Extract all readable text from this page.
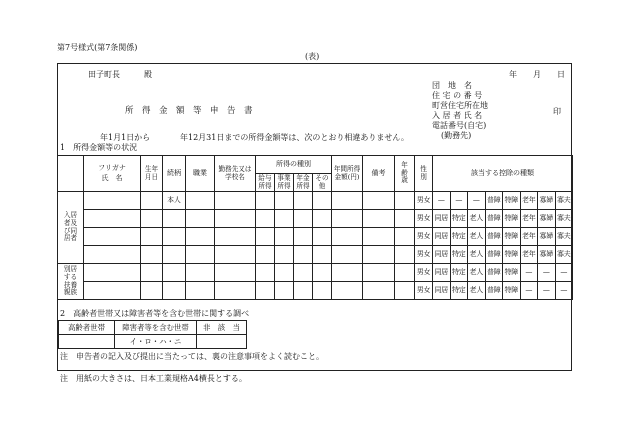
第7号様式(第7条関係)
(表)
田子町長　　　殿	年　　月　　日
団　地　名
住 宅 の 番 号
町営住宅所在地
入 居 者 氏 名
電話番号(自宅)
印
(勤務先)
所　得　金　額　等　申　告　書
年1月1日から	年12月31日までの所得金額等は、次のとおり相違ありません。
1　所得金額等の状況

	フリガナ
氏　名	生年月日	続柄	職業	勤務先又は学校名	所得の種別				年間所得金額(円)	備考	年齢歳	性別	該当する控除の種類							
						給与所得	事業所得	年金所得	その他												
入居者及び同居者			本人										男女	—	—	—	普障	特障	老年	寡婦	寡夫
													男女	同居	特定	老人	普障	特障	老年	寡婦	寡夫
													男女	同居	特定	老人	普障	特障	老年	寡婦	寡夫
													男女	同居	特定	老人	普障	特障	老年	寡婦	寡夫
別居する扶養親族													男女	同居	特定	老人	普障	特障	—	—	—
													男女	同居	特定	老人	普障	特障	—	—	—
2　高齢者世帯又は障害者等を含む世帯に関する調べ
高齢者世帯	障害者等を含む世帯	非　該　当
	イ・ロ・ハ・ニ	
注　申告者の記入及び提出に当たっては、裏の注意事項をよく読むこと。
注　用紙の大きさは、日本工業規格A4横長とする。
